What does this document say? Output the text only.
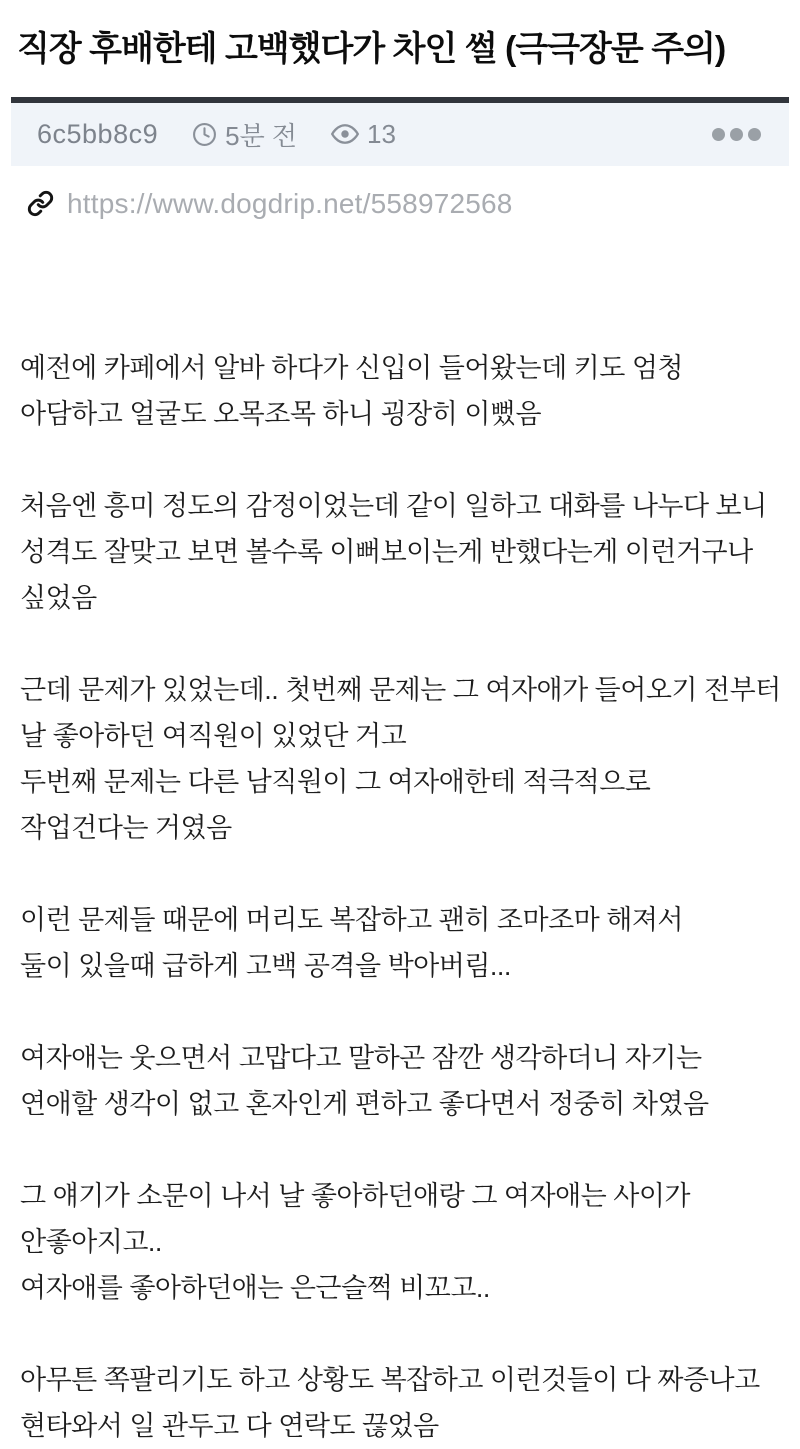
직장 후배한테 고백했다가 차인 썰 (극극장문 주의)
6c5bb8c9	5분 전	13
https://www.dogdrip.net/558972568
예전에 카페에서 알바 하다가 신입이 들어왔는데 키도 엄청 아담하고 얼굴도 오목조목 하니 굉장히 이뻤음
처음엔 흥미 정도의 감정이었는데 같이 일하고 대화를 나누다 보니 성격도 잘맞고 보면 볼수록 이뻐보이는게 반했다는게 이런거구나 싶었음
근데 문제가 있었는데.. 첫번째 문제는 그 여자애가 들어오기 전부터 날 좋아하던 여직원이 있었단 거고
두번째 문제는 다른 남직원이 그 여자애한테 적극적으로 작업건다는 거였음
이런 문제들 때문에 머리도 복잡하고 괜히 조마조마 해져서
둘이 있을때 급하게 고백 공격을 박아버림...
여자애는 웃으면서 고맙다고 말하곤 잠깐 생각하더니 자기는 연애할 생각이 없고 혼자인게 편하고 좋다면서 정중히 차였음
그 얘기가 소문이 나서 날 좋아하던애랑 그 여자애는 사이가 안좋아지고..
여자애를 좋아하던애는 은근슬쩍 비꼬고..
아무튼 쪽팔리기도 하고 상황도 복잡하고 이런것들이 다 짜증나고 현타와서 일 관두고 다 연락도 끊었음
